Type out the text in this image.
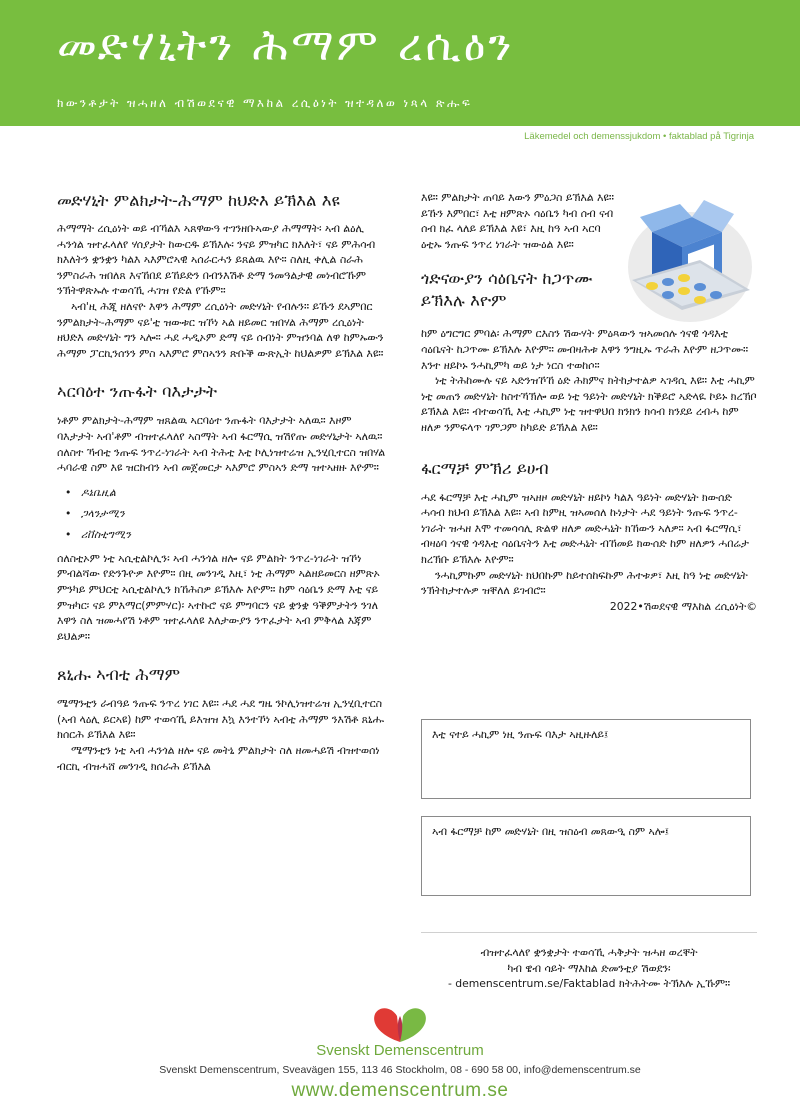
መድሃኒትን ሕማም ረሲዕን
ክውንቶታት ዝሓዘለ ብሽወደናዊ ማእከል ረሲዕነት ዝተዳለወ ነጻላ ጽሑፍ
Läkemedel och demenssjukdom • faktablad på Tigrinja
መድሃኒት ምልክታት-ሕማም ከህድእ ይኽእል እዩ

ሕማማት ረሲዕነት ወይ ብኻልእ ኣጸዋውዓ ተገንዘቡኣውያ ሕማማት፡ ኣብ ልዕሊ ሓንጎል ዝተፈላለየ ሃሰያታት ከውርዱ ይኽእሉ፡ ንናይ ምዝካር ክእለት፣ ናይ ምሕሳብ ክእለትን ቋንቋን ካልእ ኣእምሮኣዊ ኣሰራርሓን ይጸልዉ እዮ። ስለዚ ቀሊል ስራሕ ንምስራሕ ዝበለጸ እናኸበደ ይኸይድን በብንእሽቶ ድማ ንመዓልታዊ መነብሮኹም ንኽትዋጽኡሉ ተወሳኺ ሓገዝ የድል የኹም።

ኣብ'ዚ ሕጂ ዘለናዮ እዋን ሕማም ረሲዕነት መድሃኒት የብሉን። ይኹን ደኣምበር ንምልክታት-ሕማም ናይ'ቲ ዝውቱር ዝኾነ ኣል ዘይመር ዝበሃል ሕማም ረሲዕነት ዘህድእ መድሃኒት ግን ኣሎ። ሓደ ሓዲኦም ድማ ናይ ሰብነት ምዝንባል ለዋ ከምኡውን ሕማም ፓርኪንሰንን ምስ ኣእምሮ ምስኣንን ጽቡቕ ውጽኢት ከህልዎም ይኽእል እዩ።

ኣርባዕተ ንጡፋት ባእታታት

ነቶም ምልክታት-ሕማም ዝጸልዉ ኣርባዕተ ንጡፋት ባእታታት ኣለዉ። እዞም ባእታታት ኣብ'ቶም ብዝተፈላለየ ኣስማት ኣብ ፋርማሲ ዝሽየጡ መድሃኒታት ኣለዉ። ሰለስተ ኻብቲ ንጡፍ ንጥረ-ነገራት ኣብ ትሕቲ እቲ ኮሊነዝተሬዝ ኢንሂቢተርስ ዝበሃል ሓባራዊ ስም እዩ ዝርከብን ኣብ መጀመርታ ኣእምሮ ምስኣን ድማ ዝተኣዘዙ እዮም።

• ዶኔቤዚል
• ጋላንታሚን
• ሪቨስቲግሚን

ሰለስቲኦም ነቲ ኣሲቲልኮሊን፡ ኣብ ሓንጎል ዘሎ ናይ ምልክት ንጥረ-ነገራት ዝኾነ ምብልሻው የድንጉዮዎ እዮም። በዚ መንገዲ እዚ፣ ነቲ ሕማም ኣልዘይመርስ ዘምጽኦ ምንካይ ምህርቲ ኣሲቲልኮሊን ክኸሕስዎ ይኽእሉ እዮም። ከም ሳዕቤን ድማ እቲ ናይ ምዝካር፡ ናይ ምእማር(ምምሃር)፡ ኣተኩሮ ናይ ምግባርን ናይ ቋንቋ ዓቕምታትን ንገለ እዋን ስለ ዝመሓየሽ ነቶም ዝተፈላለዩ እለታውያን ንጥፈታት ኣብ ምቅላል እጃም ይህልዎ።

ጸኒሑ ኣብቲ ሕማም

ሜማንቲን ራብዓይ ንጡፍ ንጥረ ነገር እዩ። ሓደ ሓደ ግዜ ንኮሊነዝተሬዝ ኢንሂቢተርስ (ኣብ ላዕሊ ይርኣዩ) ከም ተወሳኺ ይእዝዝ እኳ እንተኾነ ኣብቲ ሕማም ንእሽቶ ጸኒሑ ክሰርሕ ይኽእል እዩ።

ሜማንቲን ነቲ ኣብ ሓንጎል ዘሎ ናይ መትኒ ምልክታት ስለ ዘመሓይሽ ብዝተወሰነ ብርኪ ብዝሓሸ መንገዲ ክሰራሕ ይኽእል

እዩ። ምልክታት ጠባይ እውን ምዕጋስ ይኽእል እዩ። ይኹን እምበር፣ እቲ ዘምጽኦ ሳዕቤን ካብ ሰብ ናብ ሰብ ክፈ ላለይ ይኽእል እዩ፣ እዚ ከዓ ኣብ ኣርባ ዕቲኡ ንጡፍ ንጥረ ነገራት ዝውዕል እዩ።

ጎድናውያን ሳዕቤናት ከጋጥሙ ይኽእሉ እዮም

ከም ዕግርግር ምባል፡ ሕማም ርእስን ሽውሃት ምዕጻውን ዝኣመሰሉ ጎናዊ ጎዳእቲ ሳዕቤናት ከጋጥሙ ይኽእሉ እዮም። መብዛሕቱ እዋን ንግዚኡ ጥራሕ እዮም ዘጋጥሙ። እንተ ዘይኮኑ ንሓኪምካ ወይ ነታ ነርስ ተወከሶ።

ነቲ ትሕከሙሉ ናይ ኣድንዝኾኸ ዕድ ሕክምና ክትከታተልዎ ኣገዳሲ እዩ። እቲ ሓኪም ነቲ መጠን መድሃኒት ከስተኻኽሎ ወይ ነቲ ዓይነት መድሃኒት ክቕይሮ ኣድላዪ ኮይኑ ክረኽቦ ይኽእል እዩ። ብተወሳኺ እቲ ሓኪም ነቲ ዝተዋህበ ክንክን ክሳብ ክንደይ ረብሓ ከም ዘለዎ ንምፍላጥ ገምጋም ከካይድ ይኽእል እዩ።

ፋርማቻ ምኽሪ ይሀብ

ሓደ ፋርማቻ እቲ ሓኪም ዝኣዘዞ መድሃኒት ዘይኮነ ካልእ ዓይነት መድሃኒት ክውሰድ ሓሳብ ክህብ ይኽእል እዩ። ኣብ ከምዚ ዝኣመሰለ ኩነታት ሓደ ዓይነት ንጡፍ ንጥረ-ነገራት ዝሓዘ እሞ ተመሳሳሊ ጽልዋ ዘለዎ መድሓኒት ክኸውን ኣለዎ። ኣብ ፋርማሲ፣ ብዛዕባ ጎናዊ ጎዳእቲ ሳዕቤናትን እቲ መድሓኒት ብኸመይ ክውሰድ ከም ዘለዎን ሓበሬታ ክረኽቡ ይኽእሉ እዮም።

ንሓኪምኩም መድሃኒት ክህበኩም ከይተሰከፍኩም ሕተቱዎ፣ እዚ ከዓ ነቲ መድሃኒት ንኽትከታተሉዎ ዝቐለለ ይገብሮ።

2022•ሽወደናዊ ማእከል ረሲዕነት©

እቲ ናተይ ሓኪም ነዚ ንጡፍ ባእታ ኣዚዙለይ፤
ኣብ ፋርማቻ ከም መድሃኒት በዚ ዝስዕብ መጸውዒ ስም ኣሎ፤
ብዝተፈላለየ ቋንቋታት ተወሳኺ ሓቅታት ዝሓዘ ወረቐት
ካብ ዌብ ሳይት ማእከል ድመንቲያ ሽወደን፡
- demenscentrum.se/Faktablad ክትሕትሙ ትኽእሉ ኢኹም።
Svenskt Demenscentrum
Svenskt Demenscentrum, Sveavägen 155, 113 46 Stockholm, 08 - 690 58 00, info@demenscentrum.se
www.demenscentrum.se
